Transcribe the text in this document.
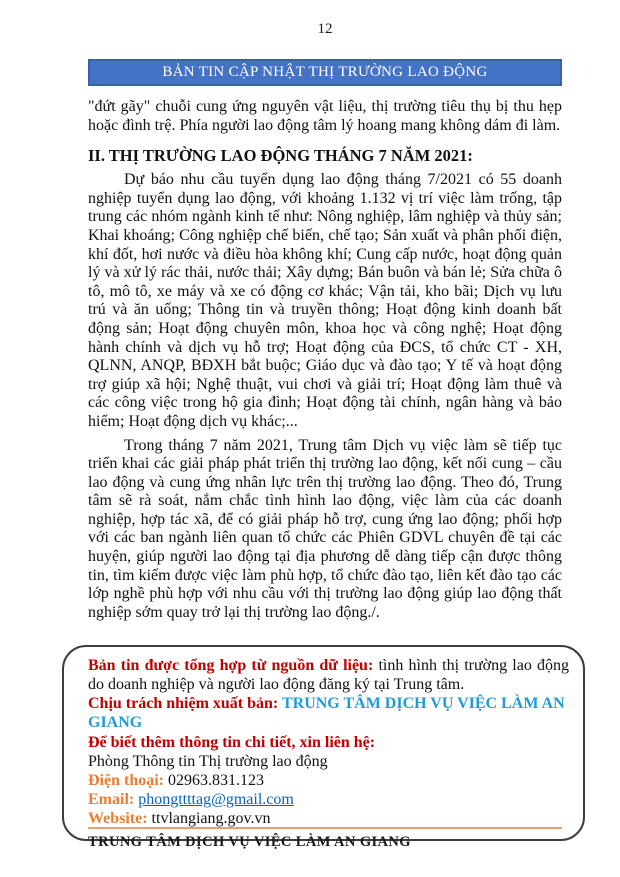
12
BẢN TIN CẬP NHẬT THỊ TRƯỜNG LAO ĐỘNG

"đứt gãy" chuỗi cung ứng nguyên vật liệu, thị trường tiêu thụ bị thu hẹp hoặc đình trệ. Phía người lao động tâm lý hoang mang không dám đi làm.

II. THỊ TRƯỜNG LAO ĐỘNG THÁNG 7 NĂM 2021:

Dự báo nhu cầu tuyển dụng lao động tháng 7/2021 có 55 doanh nghiệp tuyển dụng lao động, với khoảng 1.132 vị trí việc làm trống, tập trung các nhóm ngành kinh tế như: Nông nghiệp, lâm nghiệp và thủy sản; Khai khoáng; Công nghiệp chế biến, chế tạo; Sản xuất và phân phối điện, khí đốt, hơi nước và điều hòa không khí; Cung cấp nước, hoạt động quản lý và xử lý rác thải, nước thải; Xây dựng; Bán buôn và bán lẻ; Sửa chữa ô tô, mô tô, xe máy và xe có động cơ khác; Vận tải, kho bãi; Dịch vụ lưu trú và ăn uống; Thông tin và truyền thông; Hoạt động kinh doanh bất động sản; Hoạt động chuyên môn, khoa học và công nghệ; Hoạt động hành chính và dịch vụ hỗ trợ; Hoạt động của ĐCS, tổ chức CT - XH, QLNN, ANQP, BĐXH bắt buộc; Giáo dục và đào tạo; Y tế và hoạt động trợ giúp xã hội; Nghệ thuật, vui chơi và giải trí; Hoạt động làm thuê và các công việc trong hộ gia đình; Hoạt động tài chính, ngân hàng và bảo hiểm; Hoạt động dịch vụ khác;...

Trong tháng 7 năm 2021, Trung tâm Dịch vụ việc làm sẽ tiếp tục triển khai các giải pháp phát triển thị trường lao động, kết nối cung – cầu lao động và cung ứng nhân lực trên thị trường lao động. Theo đó, Trung tâm sẽ rà soát, nắm chắc tình hình lao động, việc làm của các doanh nghiệp, hợp tác xã, để có giải pháp hỗ trợ, cung ứng lao động; phối hợp với các ban ngành liên quan tổ chức các Phiên GDVL chuyên đề tại các huyện, giúp người lao động tại địa phương dễ dàng tiếp cận được thông tin, tìm kiếm được việc làm phù hợp, tổ chức đào tạo, liên kết đào tạo các lớp nghề phù hợp với nhu cầu với thị trường lao động giúp lao động thất nghiệp sớm quay trở lại thị trường lao động./.

Bản tin được tổng hợp từ nguồn dữ liệu: tình hình thị trường lao động do doanh nghiệp và người lao động đăng ký tại Trung tâm.
Chịu trách nhiệm xuất bản: TRUNG TÂM DỊCH VỤ VIỆC LÀM AN GIANG
Để biết thêm thông tin chi tiết, xin liên hệ:
Phòng Thông tin Thị trường lao động
Điện thoại: 02963.831.123
Email: phongttttag@gmail.com
Website: ttvlangiang.gov.vn
TRUNG TÂM DỊCH VỤ VIỆC LÀM AN GIANG
